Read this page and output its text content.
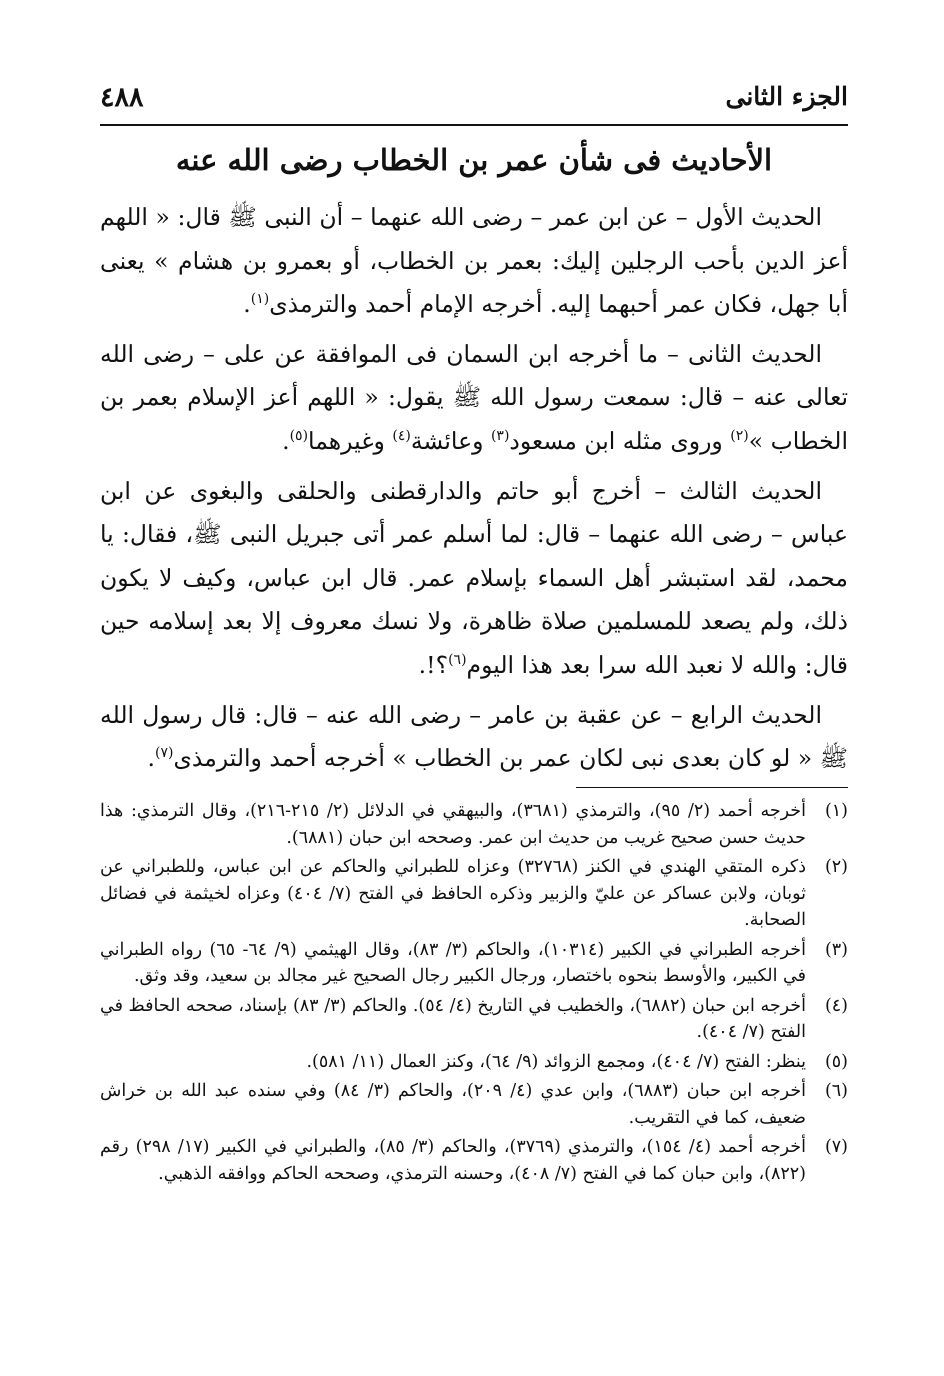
٤٨٨	الجزء الثانى
الأحاديث فى شأن عمر بن الخطاب رضى الله عنه

الحديث الأول – عن ابن عمر – رضى الله عنهما – أن النبى ﷺ قال: « اللهم أعز الدين بأحب الرجلين إليك: بعمر بن الخطاب، أو بعمرو بن هشام » يعنى أبا جهل، فكان عمر أحبهما إليه. أخرجه الإمام أحمد والترمذى$^{(١)}$.

الحديث الثانى – ما أخرجه ابن السمان فى الموافقة عن على – رضى الله تعالى عنه – قال: سمعت رسول الله ﷺ يقول: « اللهم أعز الإسلام بعمر بن الخطاب »$^{(٢)}$ وروى مثله ابن مسعود$^{(٣)}$ وعائشة$^{(٤)}$ وغيرهما$^{(٥)}$.

الحديث الثالث – أخرج أبو حاتم والدارقطنى والحلقى والبغوى عن ابن عباس – رضى الله عنهما – قال: لما أسلم عمر أتى جبريل النبى ﷺ، فقال: يا محمد، لقد استبشر أهل السماء بإسلام عمر. قال ابن عباس، وكيف لا يكون ذلك، ولم يصعد للمسلمين صلاة ظاهرة، ولا نسك معروف إلا بعد إسلامه حين قال: والله لا نعبد الله سرا بعد هذا اليوم$^{(٦)}$؟!.

الحديث الرابع – عن عقبة بن عامر – رضى الله عنه – قال: قال رسول الله ﷺ « لو كان بعدى نبى لكان عمر بن الخطاب » أخرجه أحمد والترمذى$^{(٧)}$.

(١)
أخرجه أحمد (٢/ ٩٥)، والترمذي (٣٦٨١)، والبيهقي في الدلائل (٢/ ٢١٥-٢١٦)، وقال الترمذي: هذا حديث حسن صحيح غريب من حديث ابن عمر. وصححه ابن حبان (٦٨٨١).
(٢)
ذكره المتقي الهندي في الكنز (٣٢٧٦٨) وعزاه للطبراني والحاكم عن ابن عباس، وللطبراني عن ثوبان، ولابن عساكر عن عليّ والزبير وذكره الحافظ في الفتح (٧/ ٤٠٤) وعزاه لخيثمة في فضائل الصحابة.
(٣)
أخرجه الطبراني في الكبير (١٠٣١٤)، والحاكم (٣/ ٨٣)، وقال الهيثمي (٩/ ٦٤- ٦٥) رواه الطبراني في الكبير، والأوسط بنحوه باختصار، ورجال الكبير رجال الصحيح غير مجالد بن سعيد، وقد وثق.
(٤)
أخرجه ابن حبان (٦٨٨٢)، والخطيب في التاريخ (٤/ ٥٤). والحاكم (٣/ ٨٣) بإسناد، صححه الحافظ في الفتح (٧/ ٤٠٤).
(٥)
ينظر: الفتح (٧/ ٤٠٤)، ومجمع الزوائد (٩/ ٦٤)، وكنز العمال (١١/ ٥٨١).
(٦)
أخرجه ابن حبان (٦٨٨٣)، وابن عدي (٤/ ٢٠٩)، والحاكم (٣/ ٨٤) وفي سنده عبد الله بن خراش ضعيف، كما في التقريب.
(٧)
أخرجه أحمد (٤/ ١٥٤)، والترمذي (٣٧٦٩)، والحاكم (٣/ ٨٥)، والطبراني في الكبير (١٧/ ٢٩٨) رقم (٨٢٢)، وابن حبان كما في الفتح (٧/ ٤٠٨)، وحسنه الترمذي، وصححه الحاكم ووافقه الذهبي.
